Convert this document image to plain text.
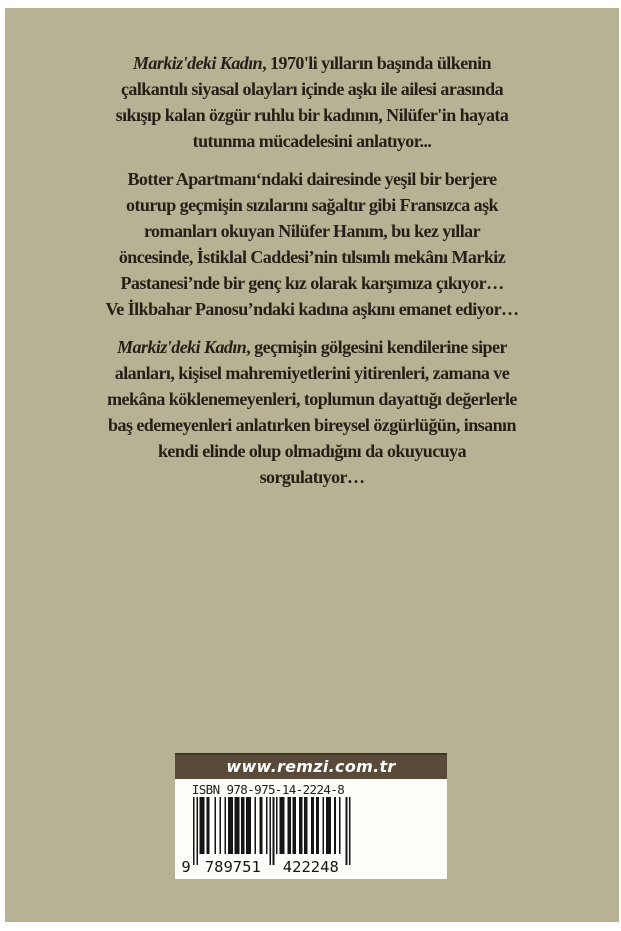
Markiz'deki Kadın, 1970'li yılların başında ülkenin
çalkantılı siyasal olayları içinde aşkı ile ailesi arasında
sıkışıp kalan özgür ruhlu bir kadının, Nilüfer'in hayata
tutunma mücadelesini anlatıyor...
Botter Apartmanı‘ndaki dairesinde yeşil bir berjere
oturup geçmişin sızılarını sağaltır gibi Fransızca aşk
romanları okuyan Nilüfer Hanım, bu kez yıllar
öncesinde, İstiklal Caddesi’nin tılsımlı mekânı Markiz
Pastanesi’nde bir genç kız olarak karşımıza çıkıyor…
Ve İlkbahar Panosu’ndaki kadına aşkını emanet ediyor…
Markiz'deki Kadın, geçmişin gölgesini kendilerine siper
alanları, kişisel mahremiyetlerini yitirenleri, zamana ve
mekâna köklenemeyenleri, toplumun dayattığı değerlerle
baş edemeyenleri anlatırken bireysel özgürlüğün, insanın
kendi elinde olup olmadığını da okuyucuya
sorgulatıyor…
www.remzi.com.tr
ISBN 978-975-14-2224-8
9 789751 422248
